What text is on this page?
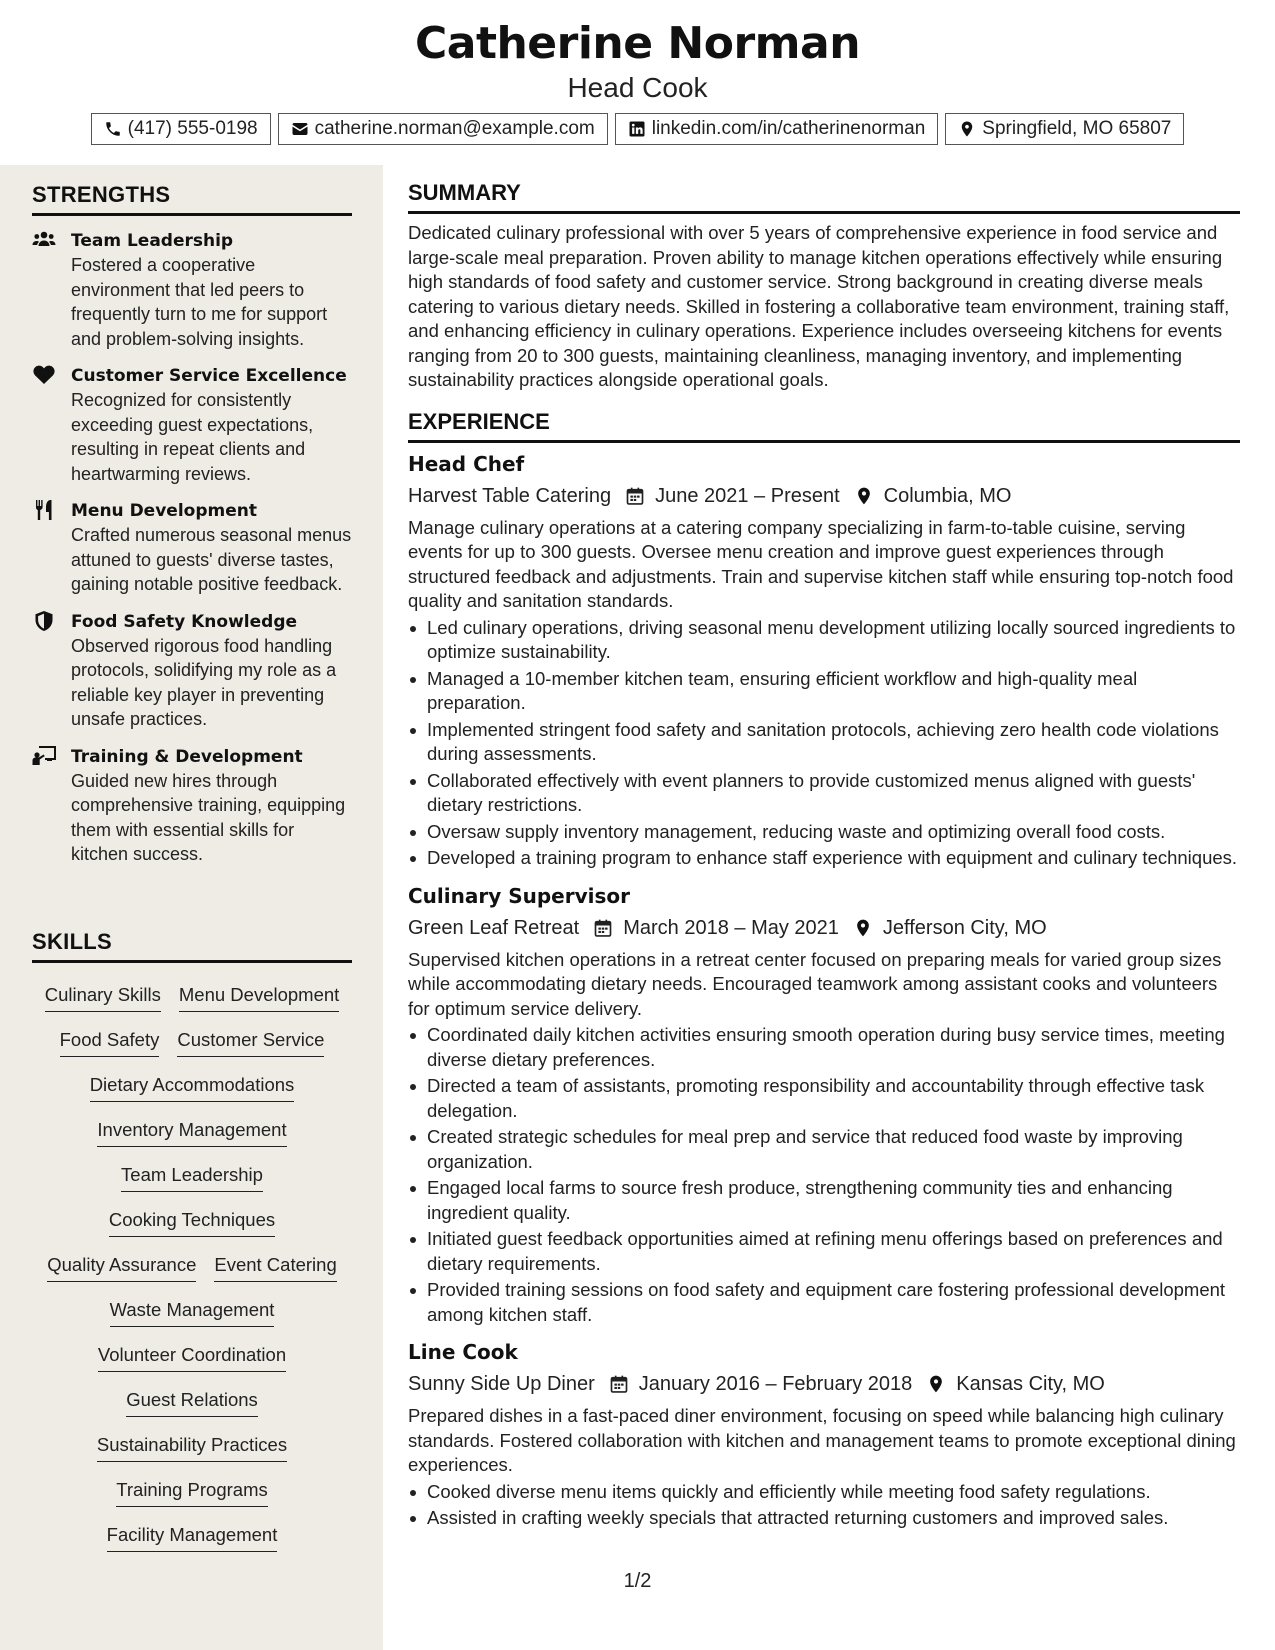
Catherine Norman
Head Cook
(417) 555-0198	catherine.norman@example.com	linkedin.com/in/catherinenorman	Springfield, MO 65807
STRENGTHS
Team Leadership
Fostered a cooperative environment that led peers to frequently turn to me for support and problem-solving insights.
Customer Service Excellence
Recognized for consistently exceeding guest expectations, resulting in repeat clients and heartwarming reviews.
Menu Development
Crafted numerous seasonal menus attuned to guests' diverse tastes, gaining notable positive feedback.
Food Safety Knowledge
Observed rigorous food handling protocols, solidifying my role as a reliable key player in preventing unsafe practices.
Training & Development
Guided new hires through comprehensive training, equipping them with essential skills for kitchen success.
SKILLS
Culinary Skills Menu Development
Food Safety Customer Service
Dietary Accommodations
Inventory Management
Team Leadership
Cooking Techniques
Quality Assurance Event Catering
Waste Management
Volunteer Coordination
Guest Relations
Sustainability Practices
Training Programs
Facility Management
SUMMARY
Dedicated culinary professional with over 5 years of comprehensive experience in food service and large-scale meal preparation. Proven ability to manage kitchen operations effectively while ensuring high standards of food safety and customer service. Strong background in creating diverse meals catering to various dietary needs. Skilled in fostering a collaborative team environment, training staff, and enhancing efficiency in culinary operations. Experience includes overseeing kitchens for events ranging from 20 to 300 guests, maintaining cleanliness, managing inventory, and implementing sustainability practices alongside operational goals.
EXPERIENCE
Head Chef
Harvest Table Catering June 2021 – Present Columbia, MO
Manage culinary operations at a catering company specializing in farm-to-table cuisine, serving events for up to 300 guests. Oversee menu creation and improve guest experiences through structured feedback and adjustments. Train and supervise kitchen staff while ensuring top-notch food quality and sanitation standards.
Led culinary operations, driving seasonal menu development utilizing locally sourced ingredients to optimize sustainability.
Managed a 10-member kitchen team, ensuring efficient workflow and high-quality meal preparation.
Implemented stringent food safety and sanitation protocols, achieving zero health code violations during assessments.
Collaborated effectively with event planners to provide customized menus aligned with guests' dietary restrictions.
Oversaw supply inventory management, reducing waste and optimizing overall food costs.
Developed a training program to enhance staff experience with equipment and culinary techniques.
Culinary Supervisor
Green Leaf Retreat March 2018 – May 2021 Jefferson City, MO
Supervised kitchen operations in a retreat center focused on preparing meals for varied group sizes while accommodating dietary needs. Encouraged teamwork among assistant cooks and volunteers for optimum service delivery.
Coordinated daily kitchen activities ensuring smooth operation during busy service times, meeting diverse dietary preferences.
Directed a team of assistants, promoting responsibility and accountability through effective task delegation.
Created strategic schedules for meal prep and service that reduced food waste by improving organization.
Engaged local farms to source fresh produce, strengthening community ties and enhancing ingredient quality.
Initiated guest feedback opportunities aimed at refining menu offerings based on preferences and dietary requirements.
Provided training sessions on food safety and equipment care fostering professional development among kitchen staff.
Line Cook
Sunny Side Up Diner January 2016 – February 2018 Kansas City, MO
Prepared dishes in a fast-paced diner environment, focusing on speed while balancing high culinary standards. Fostered collaboration with kitchen and management teams to promote exceptional dining experiences.
Cooked diverse menu items quickly and efficiently while meeting food safety regulations.
Assisted in crafting weekly specials that attracted returning customers and improved sales.
1/2
